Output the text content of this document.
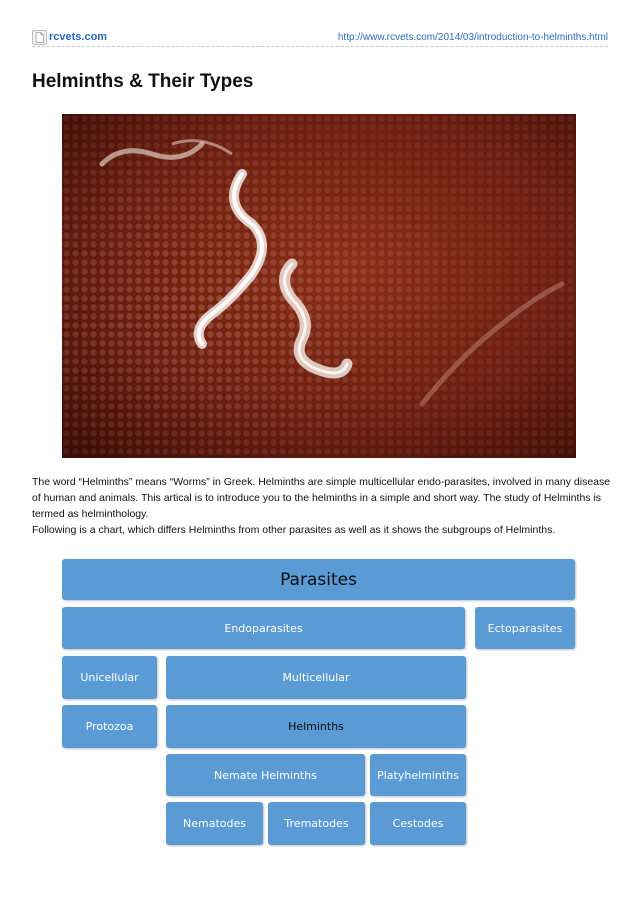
rcvets.com	http://www.rcvets.com/2014/03/introduction-to-helminths.html
Helminths & Their Types

The word “Helminths” means “Worms” in Greek. Helminths are simple multicellular endo-parasites, involved in many disease of human and animals. This artical is to introduce you to the helminths in a simple and short way. The study of Helminths is termed as helminthology.

Following is a chart, which differs Helminths from other parasites as well as it shows the subgroups of Helminths.

Parasites
Endoparasites	Ectoparasites
Unicellular	Multicellular
Protozoa	Helminths
Nemate Helminths	Platyhelminths
Nematodes	Trematodes	Cestodes
